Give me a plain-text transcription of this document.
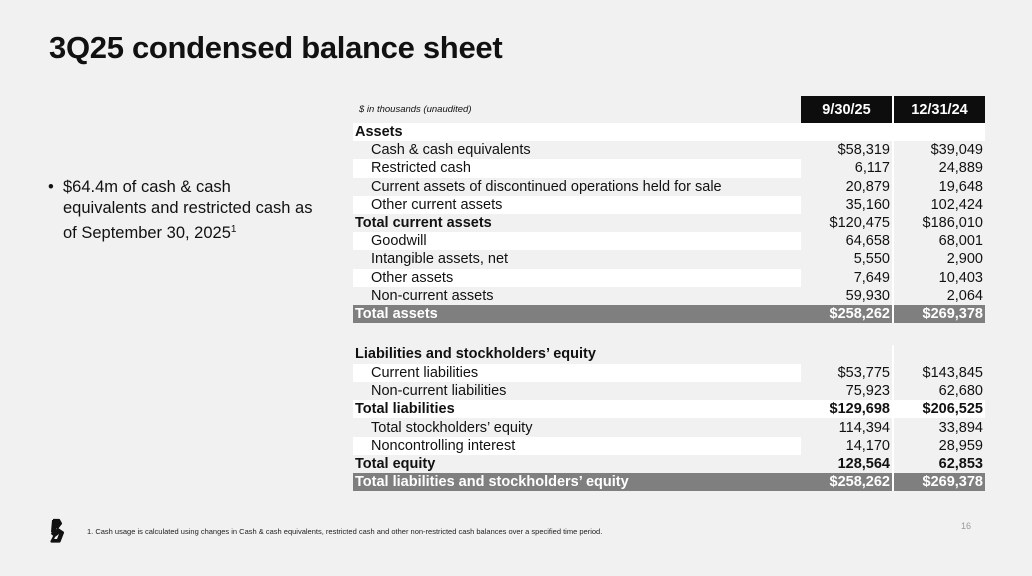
3Q25 condensed balance sheet
• $64.4m of cash & cash equivalents and restricted cash as of September 30, 2025$^1$
$ in thousands (unaudited)	9/30/25	12/31/24
Assets		
Cash & cash equivalents	$58,319	$39,049
Restricted cash	6,117	24,889
Current assets of discontinued operations held for sale	20,879	19,648
Other current assets	35,160	102,424
Total current assets	$120,475	$186,010
Goodwill	64,658	68,001
Intangible assets, net	5,550	2,900
Other assets	7,649	10,403
Non-current assets	59,930	2,064
Total assets	$258,262	$269,378

Liabilities and stockholders’ equity		
Current liabilities	$53,775	$143,845
Non-current liabilities	75,923	62,680
Total liabilities	$129,698	$206,525
Total stockholders’ equity	114,394	33,894
Noncontrolling interest	14,170	28,959
Total equity	128,564	62,853
Total liabilities and stockholders’ equity	$258,262	$269,378
1. Cash usage is calculated using changes in Cash & cash equivalents, restricted cash and other non-restricted cash balances over a specified time period.
16
